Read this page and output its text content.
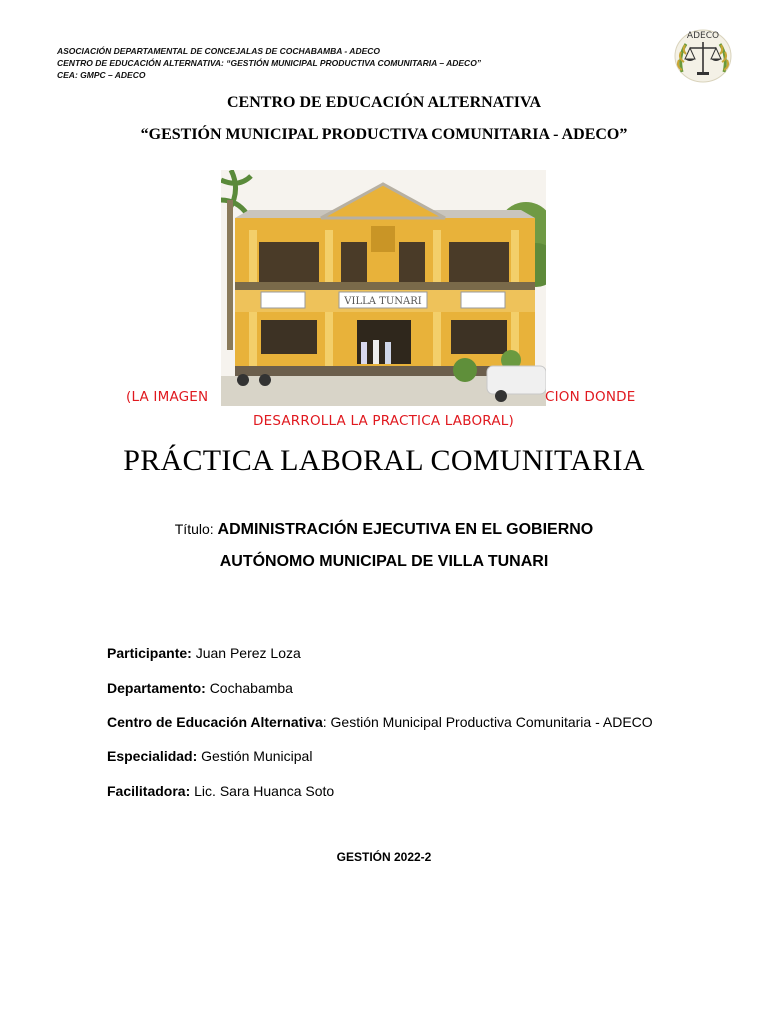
ASOCIACIÓN DEPARTAMENTAL DE CONCEJALAS DE COCHABAMBA - ADECO
CENTRO DE EDUCACIÓN ALTERNATIVA: “GESTIÓN MUNICIPAL PRODUCTIVA COMUNITARIA – ADECO”
CEA: GMPC – ADECO
ADECO
CENTRO DE EDUCACIÓN ALTERNATIVA
“GESTIÓN MUNICIPAL PRODUCTIVA COMUNITARIA - ADECO”
VILLA TUNARI
(LA IMAGEN	CION DONDE
DESARROLLA LA PRACTICA LABORAL)
PRÁCTICA LABORAL COMUNITARIA
Título: ADMINISTRACIÓN EJECUTIVA EN EL GOBIERNO
AUTÓNOMO MUNICIPAL DE VILLA TUNARI
Participante: Juan Perez Loza
Departamento: Cochabamba
Centro de Educación Alternativa: Gestión Municipal Productiva Comunitaria - ADECO
Especialidad: Gestión Municipal
Facilitadora: Lic. Sara Huanca Soto
GESTIÓN 2022-2
